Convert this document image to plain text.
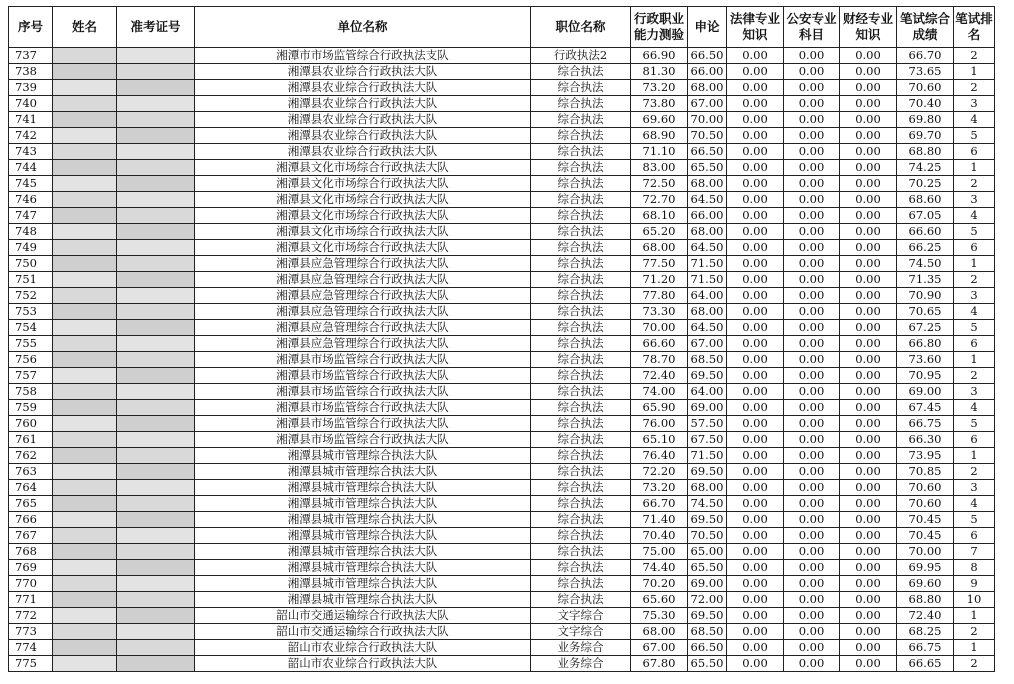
序号	姓名	准考证号	单位名称	职位名称	行政职业能力测验	申论	法律专业知识	公安专业科目	财经专业知识	笔试综合成绩	笔试排名
737			湘潭市市场监管综合行政执法支队	行政执法2	66.90	66.50	0.00	0.00	0.00	66.70	2
738			湘潭县农业综合行政执法大队	综合执法	81.30	66.00	0.00	0.00	0.00	73.65	1
739			湘潭县农业综合行政执法大队	综合执法	73.20	68.00	0.00	0.00	0.00	70.60	2
740			湘潭县农业综合行政执法大队	综合执法	73.80	67.00	0.00	0.00	0.00	70.40	3
741			湘潭县农业综合行政执法大队	综合执法	69.60	70.00	0.00	0.00	0.00	69.80	4
742			湘潭县农业综合行政执法大队	综合执法	68.90	70.50	0.00	0.00	0.00	69.70	5
743			湘潭县农业综合行政执法大队	综合执法	71.10	66.50	0.00	0.00	0.00	68.80	6
744			湘潭县文化市场综合行政执法大队	综合执法	83.00	65.50	0.00	0.00	0.00	74.25	1
745			湘潭县文化市场综合行政执法大队	综合执法	72.50	68.00	0.00	0.00	0.00	70.25	2
746			湘潭县文化市场综合行政执法大队	综合执法	72.70	64.50	0.00	0.00	0.00	68.60	3
747			湘潭县文化市场综合行政执法大队	综合执法	68.10	66.00	0.00	0.00	0.00	67.05	4
748			湘潭县文化市场综合行政执法大队	综合执法	65.20	68.00	0.00	0.00	0.00	66.60	5
749			湘潭县文化市场综合行政执法大队	综合执法	68.00	64.50	0.00	0.00	0.00	66.25	6
750			湘潭县应急管理综合行政执法大队	综合执法	77.50	71.50	0.00	0.00	0.00	74.50	1
751			湘潭县应急管理综合行政执法大队	综合执法	71.20	71.50	0.00	0.00	0.00	71.35	2
752			湘潭县应急管理综合行政执法大队	综合执法	77.80	64.00	0.00	0.00	0.00	70.90	3
753			湘潭县应急管理综合行政执法大队	综合执法	73.30	68.00	0.00	0.00	0.00	70.65	4
754			湘潭县应急管理综合行政执法大队	综合执法	70.00	64.50	0.00	0.00	0.00	67.25	5
755			湘潭县应急管理综合行政执法大队	综合执法	66.60	67.00	0.00	0.00	0.00	66.80	6
756			湘潭县市场监管综合行政执法大队	综合执法	78.70	68.50	0.00	0.00	0.00	73.60	1
757			湘潭县市场监管综合行政执法大队	综合执法	72.40	69.50	0.00	0.00	0.00	70.95	2
758			湘潭县市场监管综合行政执法大队	综合执法	74.00	64.00	0.00	0.00	0.00	69.00	3
759			湘潭县市场监管综合行政执法大队	综合执法	65.90	69.00	0.00	0.00	0.00	67.45	4
760			湘潭县市场监管综合行政执法大队	综合执法	76.00	57.50	0.00	0.00	0.00	66.75	5
761			湘潭县市场监管综合行政执法大队	综合执法	65.10	67.50	0.00	0.00	0.00	66.30	6
762			湘潭县城市管理综合执法大队	综合执法	76.40	71.50	0.00	0.00	0.00	73.95	1
763			湘潭县城市管理综合执法大队	综合执法	72.20	69.50	0.00	0.00	0.00	70.85	2
764			湘潭县城市管理综合执法大队	综合执法	73.20	68.00	0.00	0.00	0.00	70.60	3
765			湘潭县城市管理综合执法大队	综合执法	66.70	74.50	0.00	0.00	0.00	70.60	4
766			湘潭县城市管理综合执法大队	综合执法	71.40	69.50	0.00	0.00	0.00	70.45	5
767			湘潭县城市管理综合执法大队	综合执法	70.40	70.50	0.00	0.00	0.00	70.45	6
768			湘潭县城市管理综合执法大队	综合执法	75.00	65.00	0.00	0.00	0.00	70.00	7
769			湘潭县城市管理综合执法大队	综合执法	74.40	65.50	0.00	0.00	0.00	69.95	8
770			湘潭县城市管理综合执法大队	综合执法	70.20	69.00	0.00	0.00	0.00	69.60	9
771			湘潭县城市管理综合执法大队	综合执法	65.60	72.00	0.00	0.00	0.00	68.80	10
772			韶山市交通运输综合行政执法大队	文字综合	75.30	69.50	0.00	0.00	0.00	72.40	1
773			韶山市交通运输综合行政执法大队	文字综合	68.00	68.50	0.00	0.00	0.00	68.25	2
774			韶山市农业综合行政执法大队	业务综合	67.00	66.50	0.00	0.00	0.00	66.75	1
775			韶山市农业综合行政执法大队	业务综合	67.80	65.50	0.00	0.00	0.00	66.65	2
